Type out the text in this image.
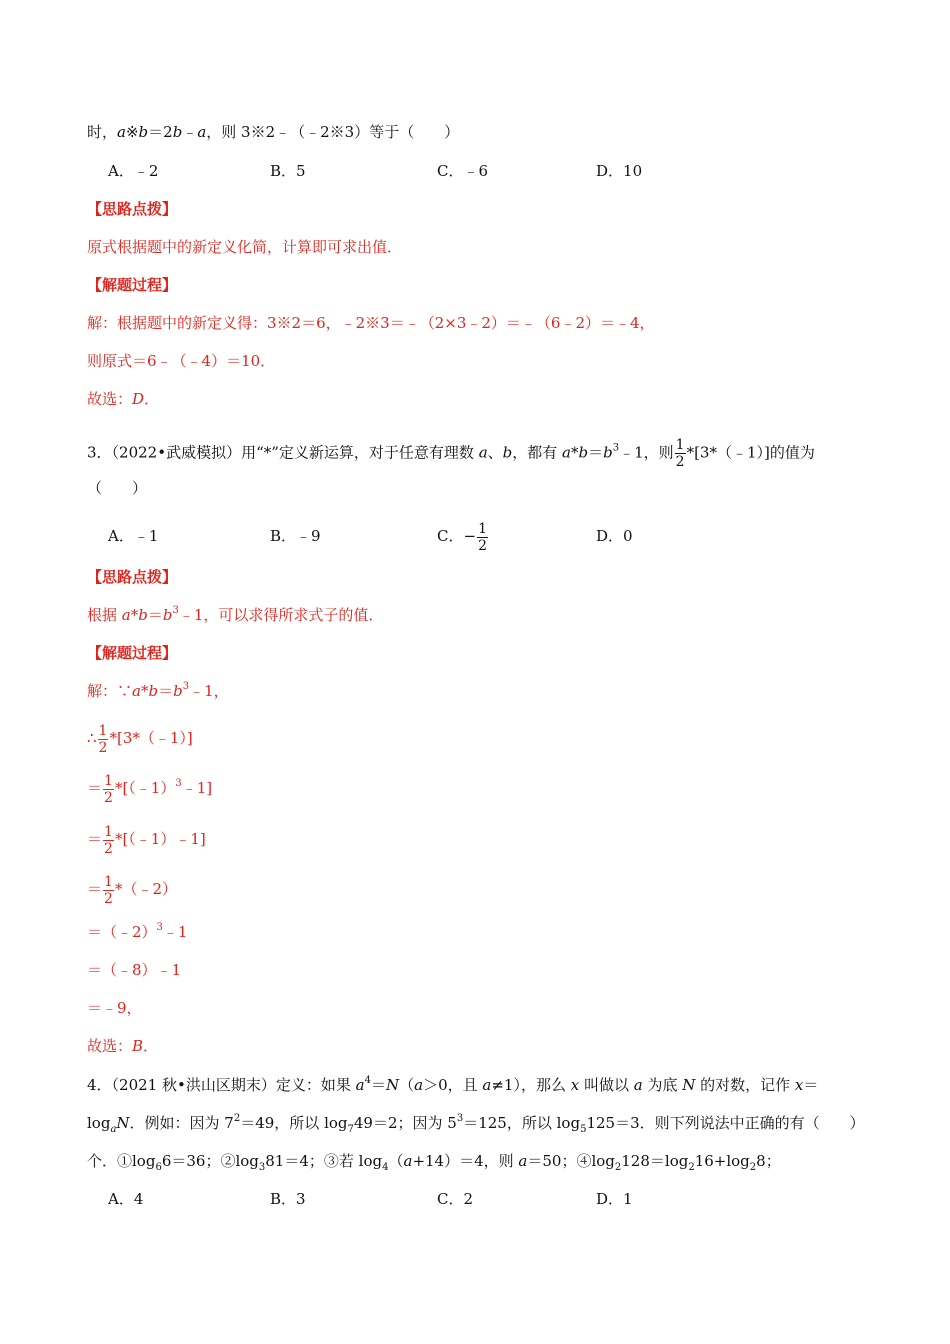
时，a※b＝2b﹣a，则 3※2﹣（﹣2※3）等于（　　）
A．﹣2	B．5	C．﹣6	D．10
【思路点拨】
原式根据题中的新定义化简，计算即可求出值．
【解题过程】
解：根据题中的新定义得：3※2＝6，﹣2※3＝﹣（2×3﹣2）＝﹣（6﹣2）＝﹣4，
则原式＝6﹣（﹣4）＝10．
故选：D．
3．（2022•武威模拟）用“*”定义新运算，对于任意有理数 a、b，都有 $a*b=b^3﹣1$，则 $\frac{1}{2}$ *[3*（﹣1）]的值为
（　　）
A．﹣1	B．﹣9	C．− $\frac{1}{2}$	D．0
【思路点拨】
根据 $a*b=b^3﹣1$，可以求得所求式子的值．
【解题过程】
解：$\because a*b=b^3﹣1$，
∴ $\frac{1}{2}$ *[3*（﹣1）]
＝ $\frac{1}{2}$ *[（﹣1）$^3$﹣1]
＝ $\frac{1}{2}$ *[（﹣1）﹣1]
＝ $\frac{1}{2}$ *（﹣2）
＝（﹣2）$^3$﹣1
＝（﹣8）﹣1
＝﹣9，
故选：B．
4．（2021 秋•洪山区期末）定义：如果 $a^4=N(a>0$，且 a≠1），那么 x 叫做以 a 为底 N 的对数，记作 x＝
$\log_aN$．例如：因为 $7^2=49$，所以 $\log_749=2$；因为 $5^3=125$，所以 $\log_5125=3$．则下列说法中正确的有（　　）
个．$①\log_66=36$；$②\log_381=4$；③若 $\log_4(a+14)=4$，则 a＝50；$④\log_2128=\log_216+\log_28$；
A．4	B．3	C．2	D．1
